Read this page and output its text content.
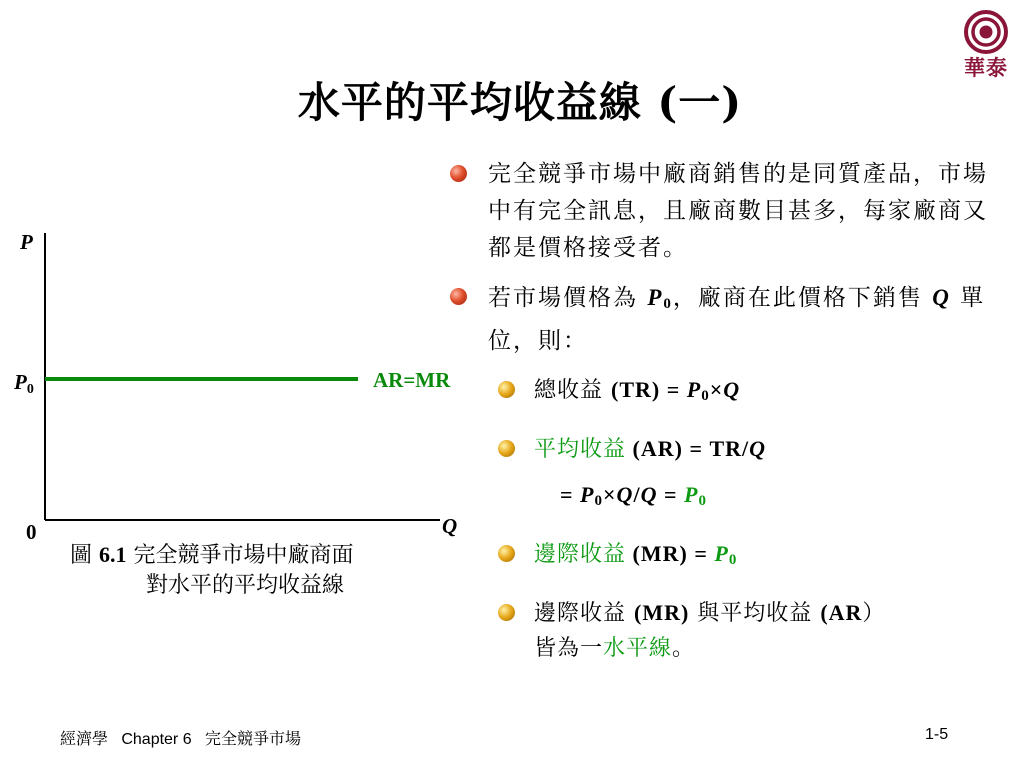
華泰
水平的平均收益線 (一)
P
P0	AR=MR
0	Q
圖 6.1 完全競爭市場中廠商面
對水平的平均收益線
完全競爭市場中廠商銷售的是同質產品，市場中有完全訊息，且廠商數目甚多，每家廠商又都是價格接受者。
若市場價格為 $P_0$，廠商在此價格下銷售 Q 單位，則：
總收益 $(TR) = P_0\times Q$
平均收益 (AR) = TR/Q
= $P_0\times Q/Q = P_0$
邊際收益 $(MR) = P_0$
邊際收益 (MR) 與平均收益 (AR）
皆為一水平線。
經濟學   Chapter 6   完全競爭市場	1-5
